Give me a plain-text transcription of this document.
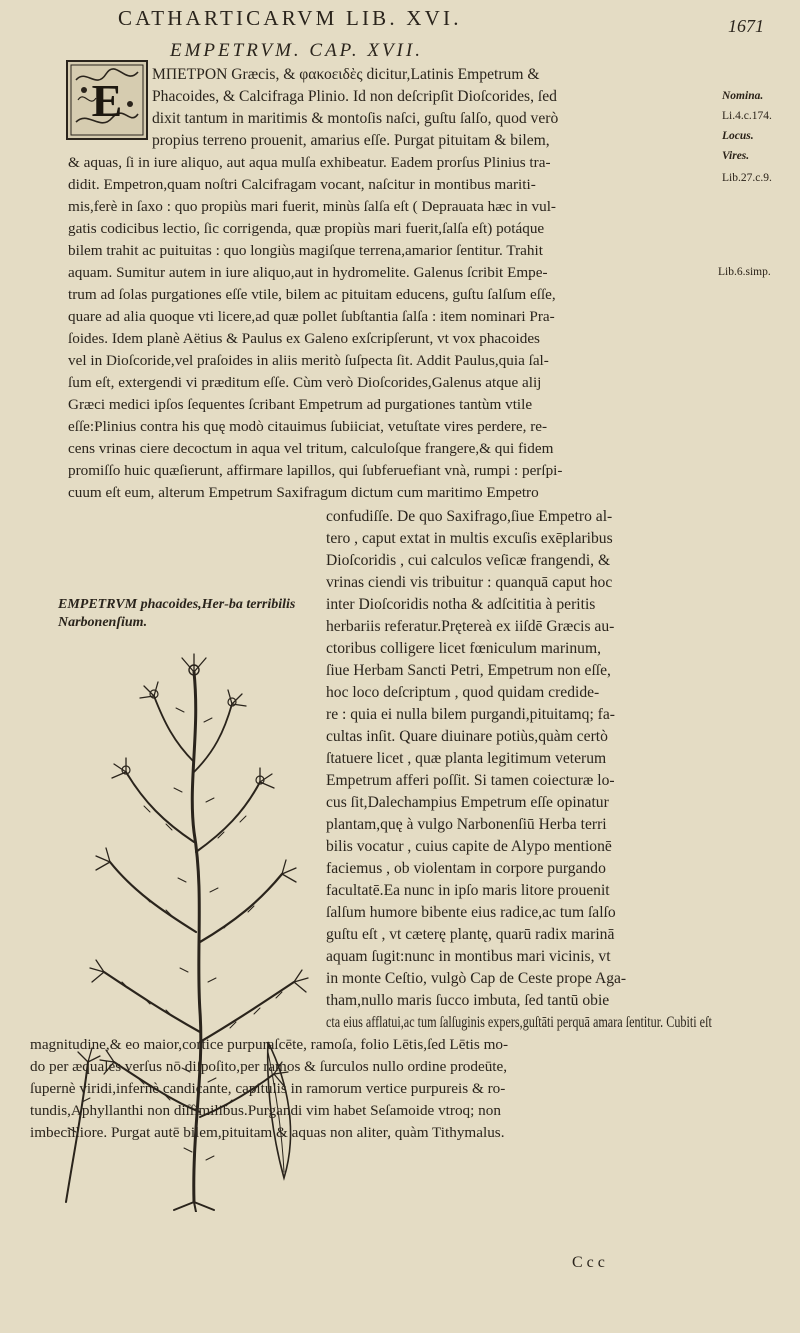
CATHARTICARVM LIB. XVI.	1671
EMPETRVM. CAP. XVII.
E
ΜΠΕΤΡΟΝ Græcis, & φακοειδὲς dicitur,Latinis Empetrum &
Phacoides, & Calcifraga Plinio. Id non deſcripſit Dioſcorides, ſed
dixit tantum in maritimis & montoſis naſci, guſtu ſalſo, quod verò
propius terreno prouenit, amarius eſſe. Purgat pituitam & bilem,
& aquas, ſi in iure aliquo, aut aqua mulſa exhibeatur. Eadem prorſus Plinius tra-
didit. Empetron,quam noſtri Calcifragam vocant, naſcitur in montibus mariti-
mis,ferè in ſaxo : quo propiùs mari fuerit, minùs ſalſa eſt ( Deprauata hæc in vul-
gatis codicibus lectio, ſic corrigenda, quæ propiùs mari fuerit,ſalſa eſt) potáque
bilem trahit ac puituitas : quo longiùs magiſque terrena,amarior ſentitur. Trahit
aquam. Sumitur autem in iure aliquo,aut in hydromelite. Galenus ſcribit Empe-
trum ad ſolas purgationes eſſe vtile, bilem ac pituitam educens, guſtu ſalſum eſſe,
quare ad alia quoque vti licere,ad quæ pollet ſubſtantia ſalſa : item nominari Pra-
ſoides. Idem planè Aëtius & Paulus ex Galeno exſcripſerunt, vt vox phacoides
vel in Dioſcoride,vel praſoides in aliis meritò ſuſpecta ſit. Addit Paulus,quia ſal-
ſum eſt, extergendi vi præditum eſſe. Cùm verò Dioſcorides,Galenus atque alij
Græci medici ipſos ſequentes ſcribant Empetrum ad purgationes tantùm vtile
eſſe:Plinius contra his quę modò citauimus ſubiiciat, vetuſtate vires perdere, re-
cens vrinas ciere decoctum in aqua vel tritum, calculoſque frangere,& qui fidem
promiſſo huic quæſierunt, affirmare lapillos, qui ſubferuefiant vnà, rumpi : perſpi-
cuum eſt eum, alterum Empetrum Saxifragum dictum cum maritimo Empetro
confudiſſe. De quo Saxifrago,ſiue Empetro al-
tero , caput extat in multis excuſis exēplaribus
Dioſcoridis , cui calculos veſicæ frangendi, &
vrinas ciendi vis tribuitur : quanquā caput hoc
inter Dioſcoridis notha & adſcititia à peritis
herbariis referatur.Prętereà ex iiſdē Græcis au-
ctoribus colligere licet fœniculum marinum,
ſiue Herbam Sancti Petri, Empetrum non eſſe,
hoc loco deſcriptum , quod quidam credide-
re : quia ei nulla bilem purgandi,pituitamq; fa-
cultas inſit. Quare diuinare potiùs,quàm certò
ſtatuere licet , quæ planta legitimum veterum
Empetrum afferi poſſit. Si tamen coiecturæ lo-
cus ſit,Dalechampius Empetrum eſſe opinatur
plantam,quę à vulgo Narbonenſiū Herba terri
bilis vocatur , cuius capite de Alypo mentionē
faciemus , ob violentam in corpore purgando
facultatē.Ea nunc in ipſo maris litore prouenit
ſalſum humore bibente eius radice,ac tum ſalſo
guſtu eſt , vt cæterę plantę, quarū radix marinā
aquam ſugit:nunc in montibus mari vicinis, vt
in monte Ceſtio, vulgò Cap de Ceste prope Aga-
tham,nullo maris ſucco imbuta, ſed tantū obie
cta eius afflatui,ac tum ſalſuginis expers,guſtāti perquā amara ſentitur. Cubiti eſt
magnitudine,& eo maior,cortice purpuraſcēte, ramoſa, folio Lētis,ſed Lētis mo-
do per æquales verſus nō diſpoſito,per ramos & ſurculos nullo ordine prodeūte,
ſupernè viridi,infernè candicante, capitulis in ramorum vertice purpureis & ro-
tundis,Aphyllanthi non diſſimilibus.Purgandi vim habet Seſamoide vtroq; non
imbecilliore. Purgat autē bilem,pituitam & aquas non aliter, quàm Tithymalus.
Nomina.
Li.4.c.174.
Locus.
Vires.
Lib.27.c.9.
Lib.6.simp.
EMPETRVM phacoides,Her-ba terribilis Narbonenſium.
Ccc
